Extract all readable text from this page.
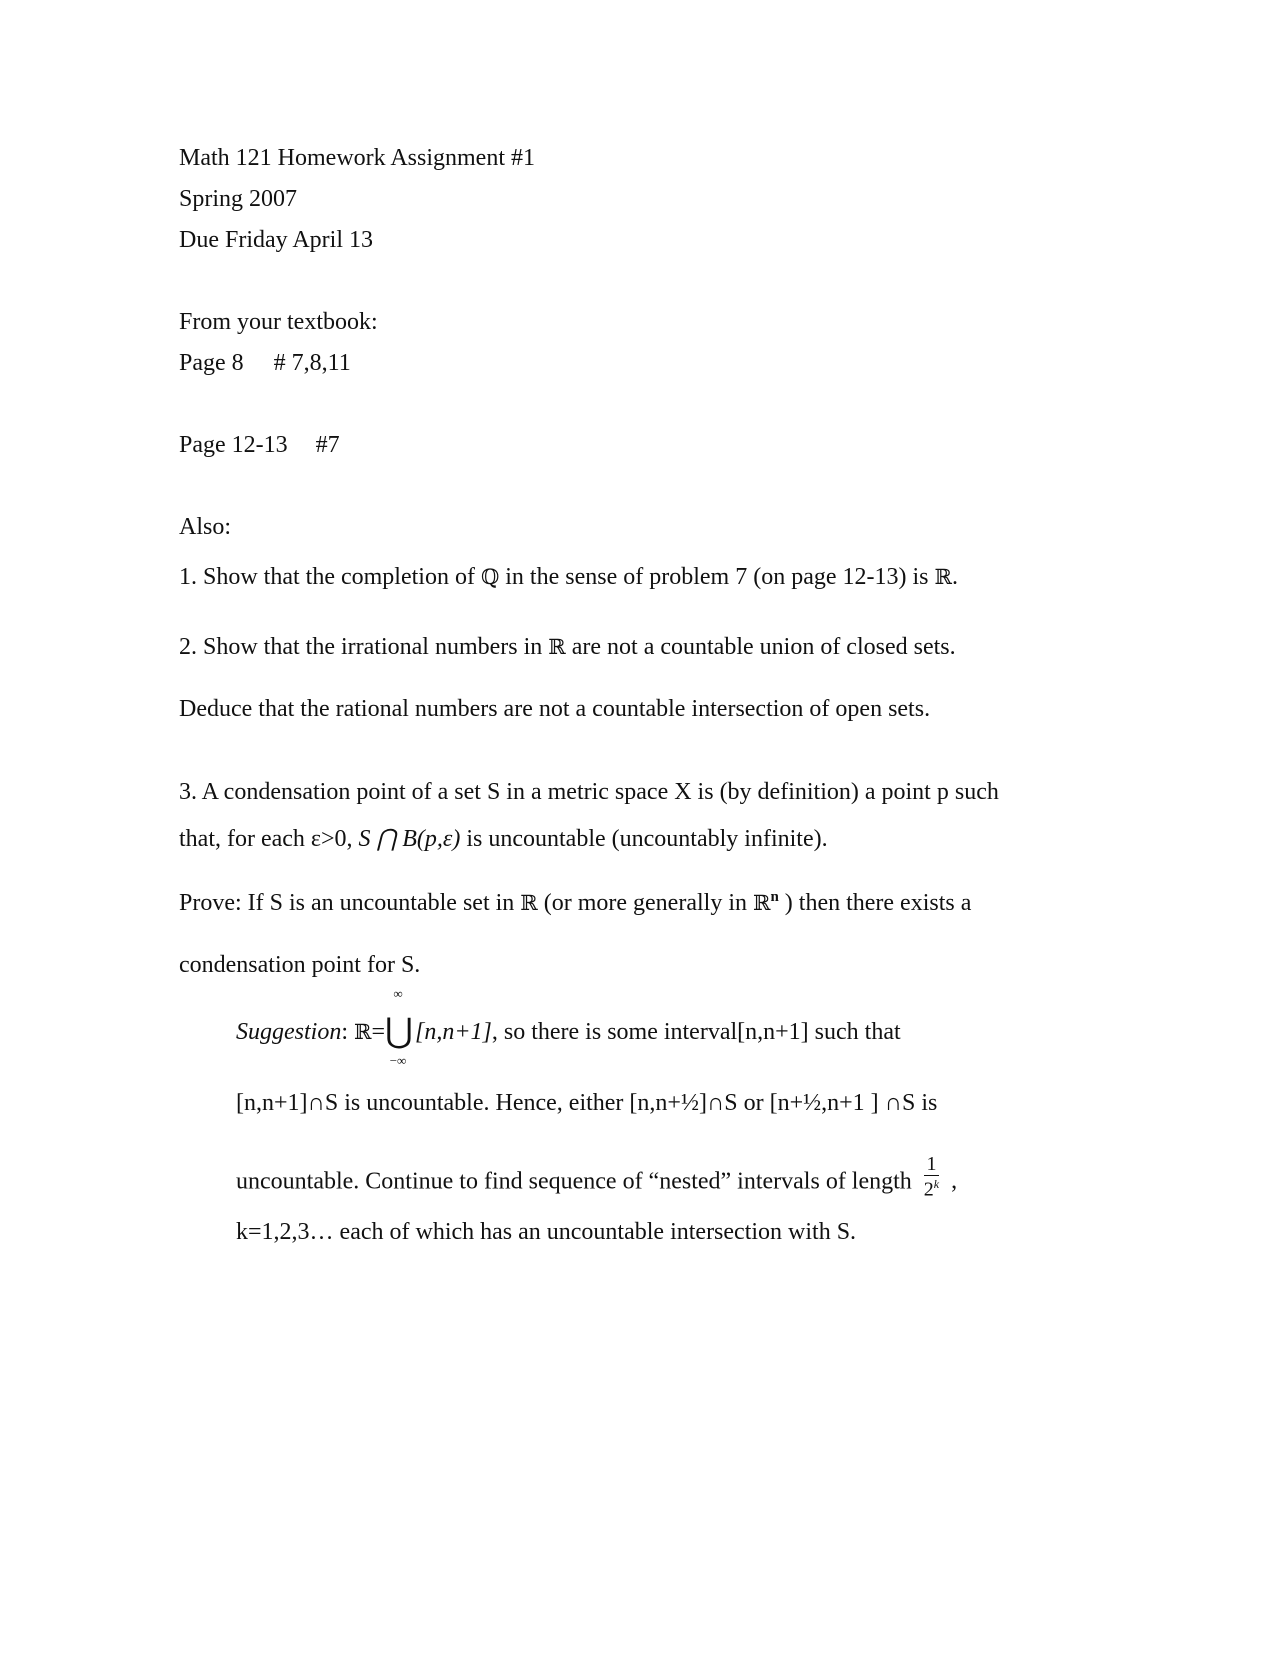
Math 121 Homework Assignment #1
Spring 2007
Due Friday April 13
From your textbook:
Page 8 # 7,8,11
Page 12-13 #7
Also:
1. Show that the completion of ℚ in the sense of problem 7 (on page 12-13) is ℝ.
2. Show that the irrational numbers in ℝ are not a countable union of closed sets.
Deduce that the rational numbers are not a countable intersection of open sets.
3. A condensation point of a set S in a metric space X is (by definition) a point p such
that, for each ε>0, S ⋂ B(p,ε) is uncountable (uncountably infinite).
Prove: If S is an uncountable set in ℝ (or more generally in ℝ$^n$ ) then there exists a
condensation point for S.
Suggestion: ℝ=
∞
⋃
−∞
[n,n+1], so there is some interval[n,n+1] such that
[n,n+1]∩S is uncountable. Hence, either [n,n+½]∩S or [n+½,n+1 ] ∩S is
uncountable. Continue to find sequence of “nested” intervals of length $\frac{1}{2^k}$ ,
k=1,2,3… each of which has an uncountable intersection with S.
